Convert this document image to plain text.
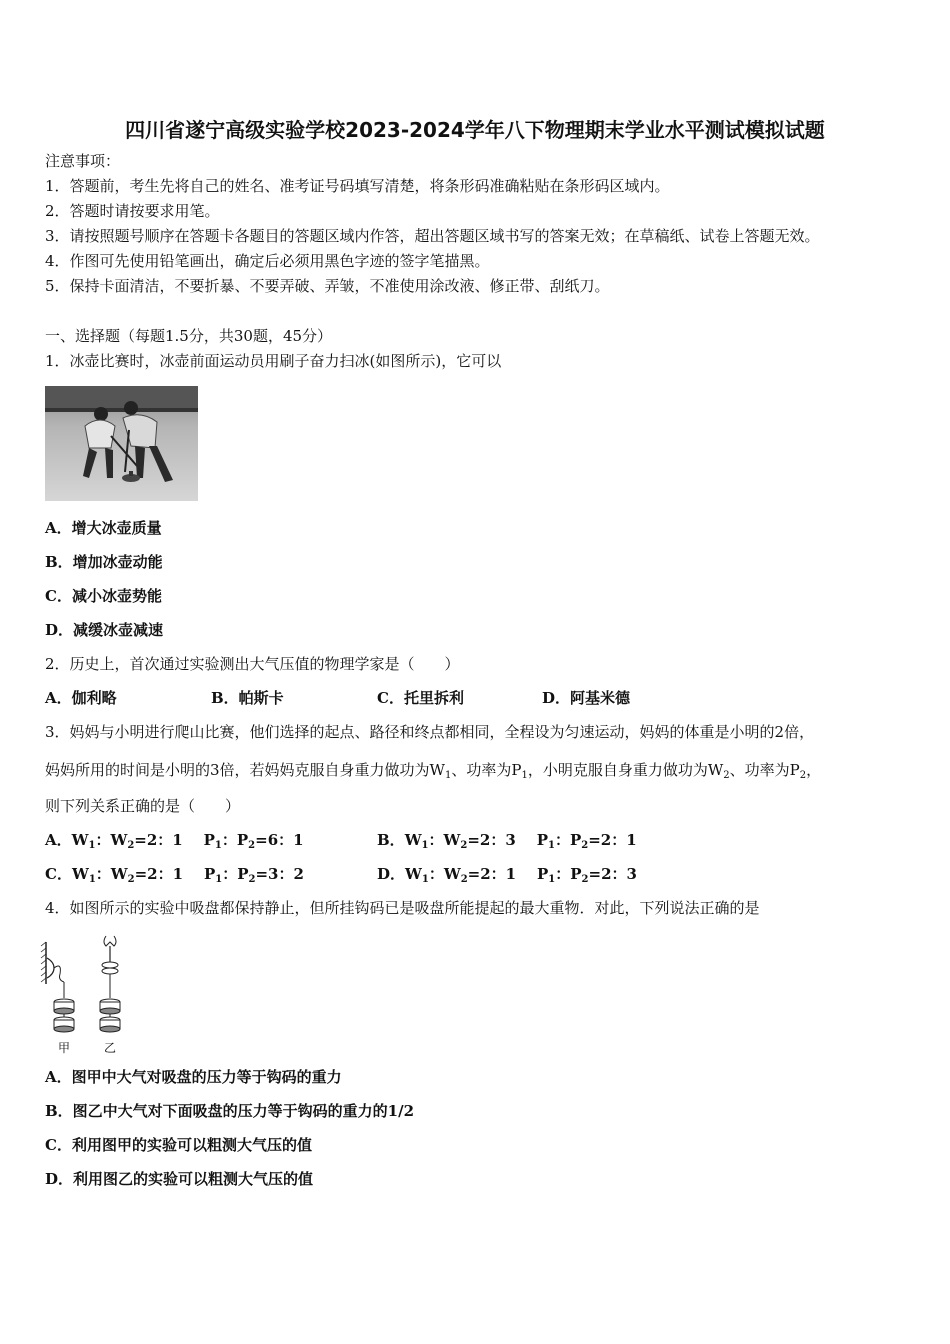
四川省遂宁高级实验学校2023-2024学年八下物理期末学业水平测试模拟试题
注意事项：
1．答题前，考生先将自己的姓名、准考证号码填写清楚，将条形码准确粘贴在条形码区域内。
2．答题时请按要求用笔。
3．请按照题号顺序在答题卡各题目的答题区域内作答，超出答题区域书写的答案无效；在草稿纸、试卷上答题无效。
4．作图可先使用铅笔画出，确定后必须用黑色字迹的签字笔描黑。
5．保持卡面清洁，不要折暴、不要弄破、弄皱，不准使用涂改液、修正带、刮纸刀。
一、选择题（每题1.5分，共30题，45分）
1．冰壶比赛时，冰壶前面运动员用刷子奋力扫冰(如图所示)，它可以
A．增大冰壶质量
B．增加冰壶动能
C．减小冰壶势能
D．减缓冰壶减速
2．历史上，首次通过实验测出大气压值的物理学家是（　　）
A．伽利略	B．帕斯卡	C．托里拆利	D．阿基米德
3．妈妈与小明进行爬山比赛，他们选择的起点、路径和终点都相同，全程设为匀速运动，妈妈的体重是小明的2倍，
妈妈所用的时间是小明的3倍，若妈妈克服自身重力做功为$W_1$、功率为$P_1$，小明克服自身重力做功为$W_2$、功率为$P_2$，
则下列关系正确的是（　　）
A．$W_1$：$W_2=2$：1 $P_1$：$P_2=6$：1	B．$W_1$：$W_2=2$：3 $P_1$：$P_2=2$：1
C．$W_1$：$W_2=2$：1 $P_1$：$P_2=3$：2	D．$W_1$：$W_2=2$：1 $P_1$：$P_2=2$：3
4．如图所示的实验中吸盘都保持静止，但所挂钩码已是吸盘所能提起的最大重物．对此，下列说法正确的是
甲	乙
A．图甲中大气对吸盘的压力等于钩码的重力
B．图乙中大气对下面吸盘的压力等于钩码的重力的1/2
C．利用图甲的实验可以粗测大气压的值
D．利用图乙的实验可以粗测大气压的值
